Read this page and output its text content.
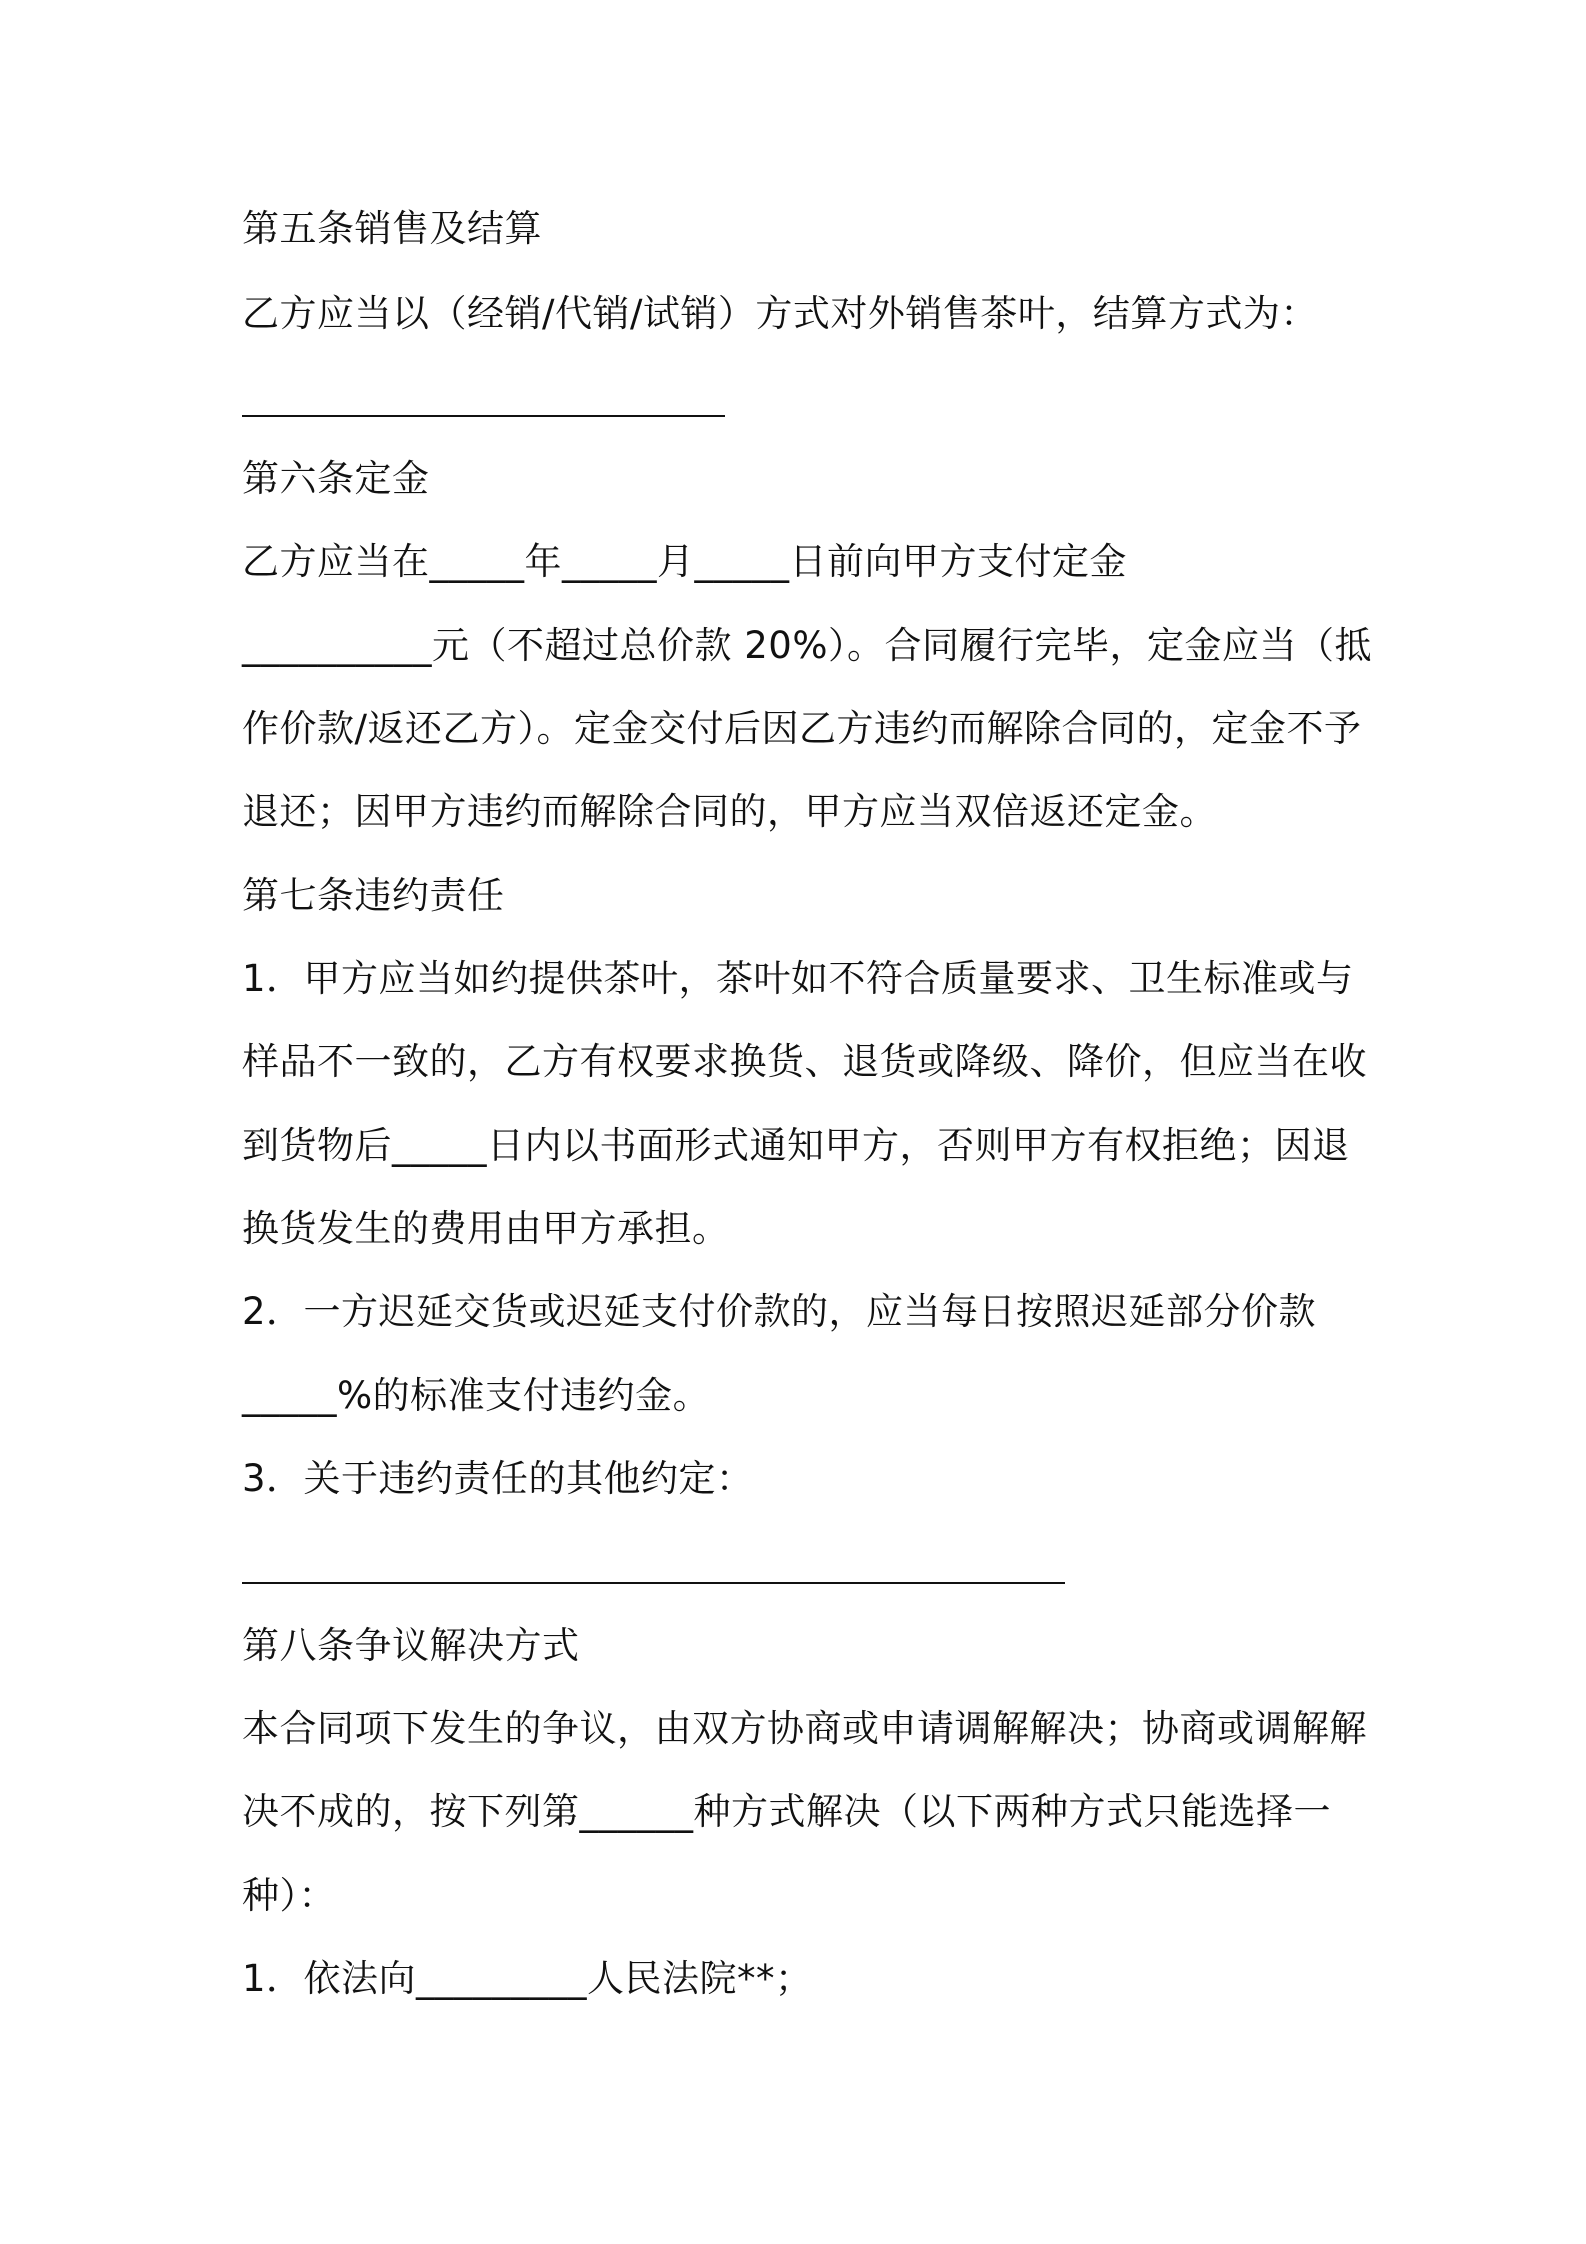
第五条销售及结算
乙方应当以（经销/代销/试销）方式对外销售茶叶，结算方式为：
第六条定金
乙方应当在_____年_____月_____日前向甲方支付定金
__________元（不超过总价款 20%）。合同履行完毕，定金应当（抵
作价款/返还乙方）。定金交付后因乙方违约而解除合同的，定金不予
退还；因甲方违约而解除合同的，甲方应当双倍返还定金。
第七条违约责任
1．甲方应当如约提供茶叶，茶叶如不符合质量要求、卫生标准或与
样品不一致的，乙方有权要求换货、退货或降级、降价，但应当在收
到货物后_____日内以书面形式通知甲方，否则甲方有权拒绝；因退
换货发生的费用由甲方承担。
2．一方迟延交货或迟延支付价款的，应当每日按照迟延部分价款
_____%的标准支付违约金。
3．关于违约责任的其他约定：
第八条争议解决方式
本合同项下发生的争议，由双方协商或申请调解解决；协商或调解解
决不成的，按下列第______种方式解决（以下两种方式只能选择一
种）：
1．依法向_________人民法院**；
